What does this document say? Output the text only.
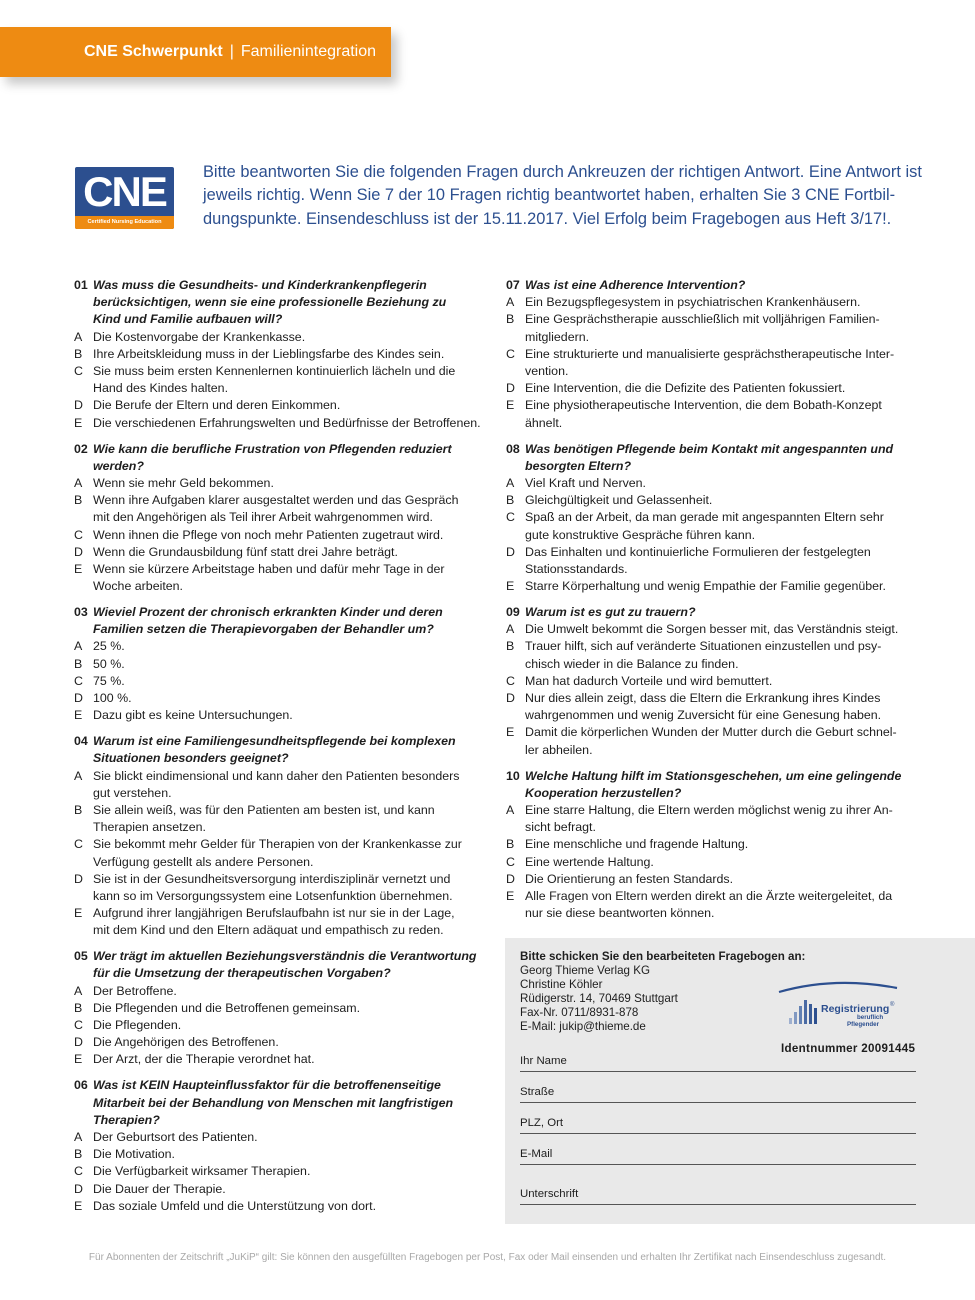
CNE Schwerpunkt | Familienintegration
CNE
Certified Nursing Education
Bitte beantworten Sie die folgenden Fragen durch Ankreuzen der richtigen Antwort. Eine Antwort ist
jeweils richtig. Wenn Sie 7 der 10 Fragen richtig beantwortet haben, erhalten Sie 3 CNE Fortbil-
dungspunkte. Einsendeschluss ist der 15.11.2017. Viel Erfolg beim Fragebogen aus Heft 3/17!.
01 Was muss die Gesundheits- und Kinderkrankenpflegerin
berücksichtigen, wenn sie eine professionelle Beziehung zu
Kind und Familie aufbauen will?
A Die Kostenvorgabe der Krankenkasse.
B Ihre Arbeitskleidung muss in der Lieblingsfarbe des Kindes sein.
C Sie muss beim ersten Kennenlernen kontinuierlich lächeln und die
Hand des Kindes halten.
D Die Berufe der Eltern und deren Einkommen.
E Die verschiedenen Erfahrungswelten und Bedürfnisse der Betroffenen.
02 Wie kann die berufliche Frustration von Pflegenden reduziert
werden?
A Wenn sie mehr Geld bekommen.
B Wenn ihre Aufgaben klarer ausgestaltet werden und das Gespräch
mit den Angehörigen als Teil ihrer Arbeit wahrgenommen wird.
C Wenn ihnen die Pflege von noch mehr Patienten zugetraut wird.
D Wenn die Grundausbildung fünf statt drei Jahre beträgt.
E Wenn sie kürzere Arbeitstage haben und dafür mehr Tage in der
Woche arbeiten.
03 Wieviel Prozent der chronisch erkrankten Kinder und deren
Familien setzen die Therapievorgaben der Behandler um?
A 25 %.
B 50 %.
C 75 %.
D 100 %.
E Dazu gibt es keine Untersuchungen.
04 Warum ist eine Familiengesundheitspflegende bei komplexen
Situationen besonders geeignet?
A Sie blickt eindimensional und kann daher den Patienten besonders
gut verstehen.
B Sie allein weiß, was für den Patienten am besten ist, und kann
Therapien ansetzen.
C Sie bekommt mehr Gelder für Therapien von der Krankenkasse zur
Verfügung gestellt als andere Personen.
D Sie ist in der Gesundheitsversorgung interdisziplinär vernetzt und
kann so im Versorgungssystem eine Lotsenfunktion übernehmen.
E Aufgrund ihrer langjährigen Berufslaufbahn ist nur sie in der Lage,
mit dem Kind und den Eltern adäquat und empathisch zu reden.
05 Wer trägt im aktuellen Beziehungsverständnis die Verantwortung
für die Umsetzung der therapeutischen Vorgaben?
A Der Betroffene.
B Die Pflegenden und die Betroffenen gemeinsam.
C Die Pflegenden.
D Die Angehörigen des Betroffenen.
E Der Arzt, der die Therapie verordnet hat.
06 Was ist KEIN Haupteinflussfaktor für die betroffenenseitige
Mitarbeit bei der Behandlung von Menschen mit langfristigen
Therapien?
A Der Geburtsort des Patienten.
B Die Motivation.
C Die Verfügbarkeit wirksamer Therapien.
D Die Dauer der Therapie.
E Das soziale Umfeld und die Unterstützung von dort.
07 Was ist eine Adherence Intervention?
A Ein Bezugspflegesystem in psychiatrischen Krankenhäusern.
B Eine Gesprächstherapie ausschließlich mit volljährigen Familien-
mitgliedern.
C Eine strukturierte und manualisierte gesprächstherapeutische Inter-
vention.
D Eine Intervention, die die Defizite des Patienten fokussiert.
E Eine physiotherapeutische Intervention, die dem Bobath-Konzept
ähnelt.
08 Was benötigen Pflegende beim Kontakt mit angespannten und
besorgten Eltern?
A Viel Kraft und Nerven.
B Gleichgültigkeit und Gelassenheit.
C Spaß an der Arbeit, da man gerade mit angespannten Eltern sehr
gute konstruktive Gespräche führen kann.
D Das Einhalten und kontinuierliche Formulieren der festgelegten
Stationsstandards.
E Starre Körperhaltung und wenig Empathie der Familie gegenüber.
09 Warum ist es gut zu trauern?
A Die Umwelt bekommt die Sorgen besser mit, das Verständnis steigt.
B Trauer hilft, sich auf veränderte Situationen einzustellen und psy-
chisch wieder in die Balance zu finden.
C Man hat dadurch Vorteile und wird bemuttert.
D Nur dies allein zeigt, dass die Eltern die Erkrankung ihres Kindes
wahrgenommen und wenig Zuversicht für eine Genesung haben.
E Damit die körperlichen Wunden der Mutter durch die Geburt schnel-
ler abheilen.
10 Welche Haltung hilft im Stationsgeschehen, um eine gelingende
Kooperation herzustellen?
A Eine starre Haltung, die Eltern werden möglichst wenig zu ihrer An-
sicht befragt.
B Eine menschliche und fragende Haltung.
C Eine wertende Haltung.
D Die Orientierung an festen Standards.
E Alle Fragen von Eltern werden direkt an die Ärzte weitergeleitet, da
nur sie diese beantworten können.
Bitte schicken Sie den bearbeiteten Fragebogen an:
Georg Thieme Verlag KG
Christine Köhler
Rüdigerstr. 14, 70469 Stuttgart
Fax-Nr. 0711/8931-878
E-Mail: jukip@thieme.de
Registrierung ®
beruflich
Pflegender
Identnummer 20091445
Ihr Name
Straße
PLZ, Ort
E-Mail
Unterschrift
Für Abonnenten der Zeitschrift „JuKiP“ gilt: Sie können den ausgefüllten Fragebogen per Post, Fax oder Mail einsenden und erhalten Ihr Zertifikat nach Einsendeschluss zugesandt.
